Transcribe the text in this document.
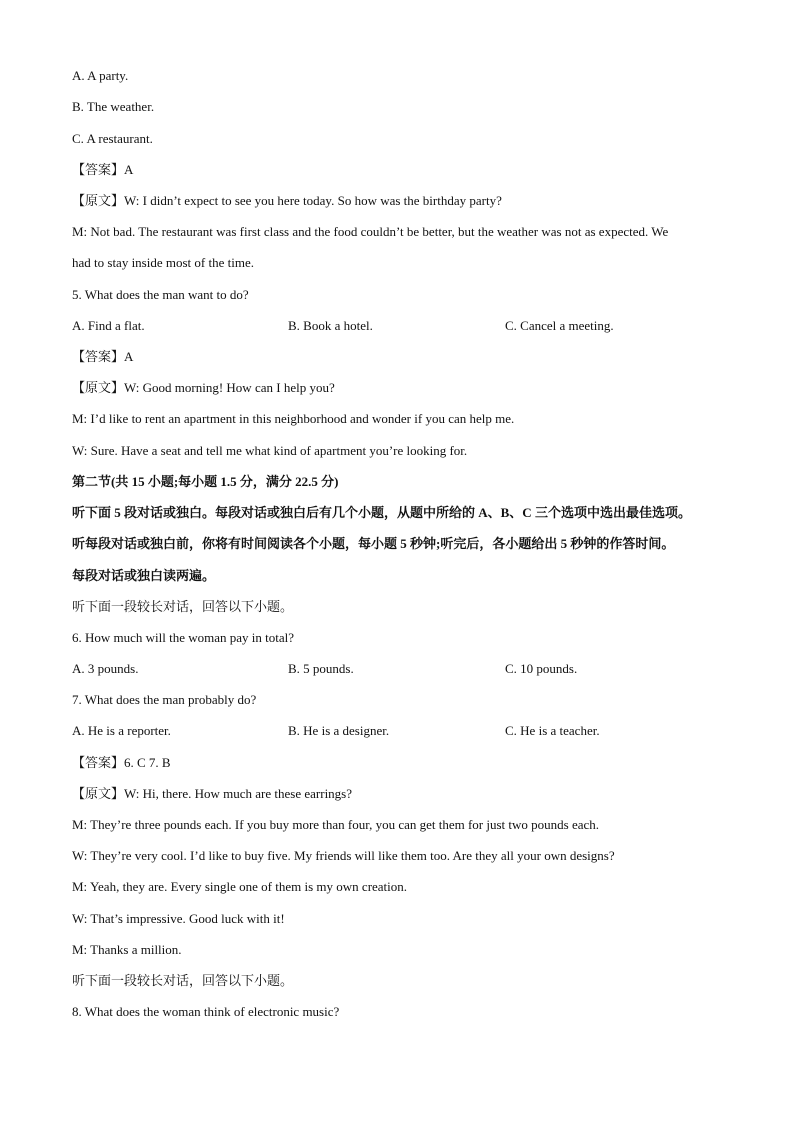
A. A party.
B. The weather.
C. A restaurant.
【答案】A
【原文】W: I didn’t expect to see you here today. So how was the birthday party?
M: Not bad. The restaurant was first class and the food couldn’t be better, but the weather was not as expected. We
had to stay inside most of the time.
5. What does the man want to do?
A. Find a flat.	B. Book a hotel.	C. Cancel a meeting.
【答案】A
【原文】W: Good morning! How can I help you?
M: I’d like to rent an apartment in this neighborhood and wonder if you can help me.
W: Sure. Have a seat and tell me what kind of apartment you’re looking for.
第二节(共 15 小题;每小题 1.5 分，满分 22.5 分)
听下面 5 段对话或独白。每段对话或独白后有几个小题，从题中所给的 A、B、C 三个选项中选出最佳选项。
听每段对话或独白前，你将有时间阅读各个小题，每小题 5 秒钟;听完后，各小题给出 5 秒钟的作答时间。
每段对话或独白读两遍。
听下面一段较长对话，回答以下小题。
6. How much will the woman pay in total?
A. 3 pounds.	B. 5 pounds.	C. 10 pounds.
7. What does the man probably do?
A. He is a reporter.	B. He is a designer.	C. He is a teacher.
【答案】6. C 7. B
【原文】W: Hi, there. How much are these earrings?
M: They’re three pounds each. If you buy more than four, you can get them for just two pounds each.
W: They’re very cool. I’d like to buy five. My friends will like them too. Are they all your own designs?
M: Yeah, they are. Every single one of them is my own creation.
W: That’s impressive. Good luck with it!
M: Thanks a million.
听下面一段较长对话，回答以下小题。
8. What does the woman think of electronic music?
